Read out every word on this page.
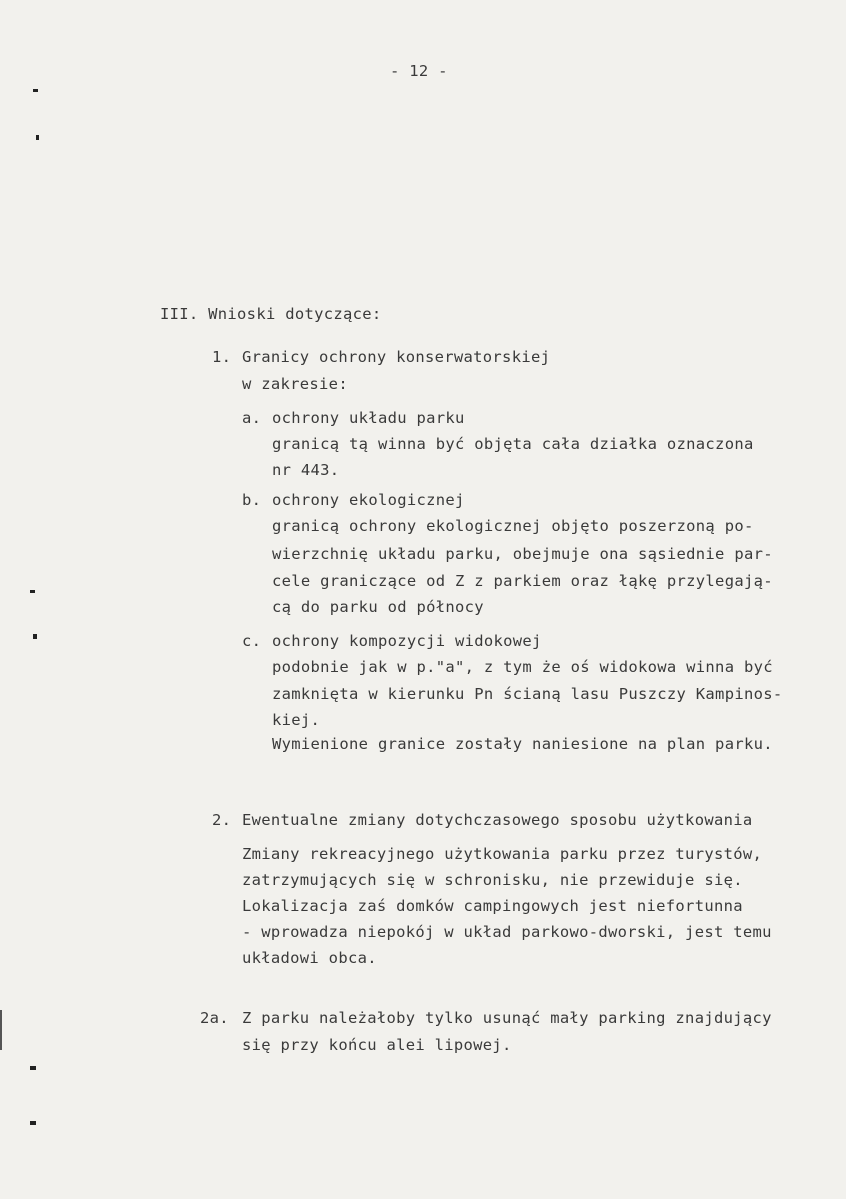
- 12 -
III. Wnioski dotyczące:
1. Granicy ochrony konserwatorskiej
w zakresie:
a. ochrony układu parku
granicą tą winna być objęta cała działka oznaczona
nr 443.
b. ochrony ekologicznej
granicą ochrony ekologicznej objęto poszerzoną po-
wierzchnię układu parku, obejmuje ona sąsiednie par-
cele graniczące od Z z parkiem oraz łąkę przylegają-
cą do parku od północy
c. ochrony kompozycji widokowej
podobnie jak w p."a", z tym że oś widokowa winna być
zamknięta w kierunku Pn ścianą lasu Puszczy Kampinos-
kiej.
Wymienione granice zostały naniesione na plan parku.
2. Ewentualne zmiany dotychczasowego sposobu użytkowania
Zmiany rekreacyjnego użytkowania parku przez turystów,
zatrzymujących się w schronisku, nie przewiduje się.
Lokalizacja zaś domków campingowych jest niefortunna
- wprowadza niepokój w układ parkowo-dworski, jest temu
układowi obca.
2a. Z parku należałoby tylko usunąć mały parking znajdujący
się przy końcu alei lipowej.
